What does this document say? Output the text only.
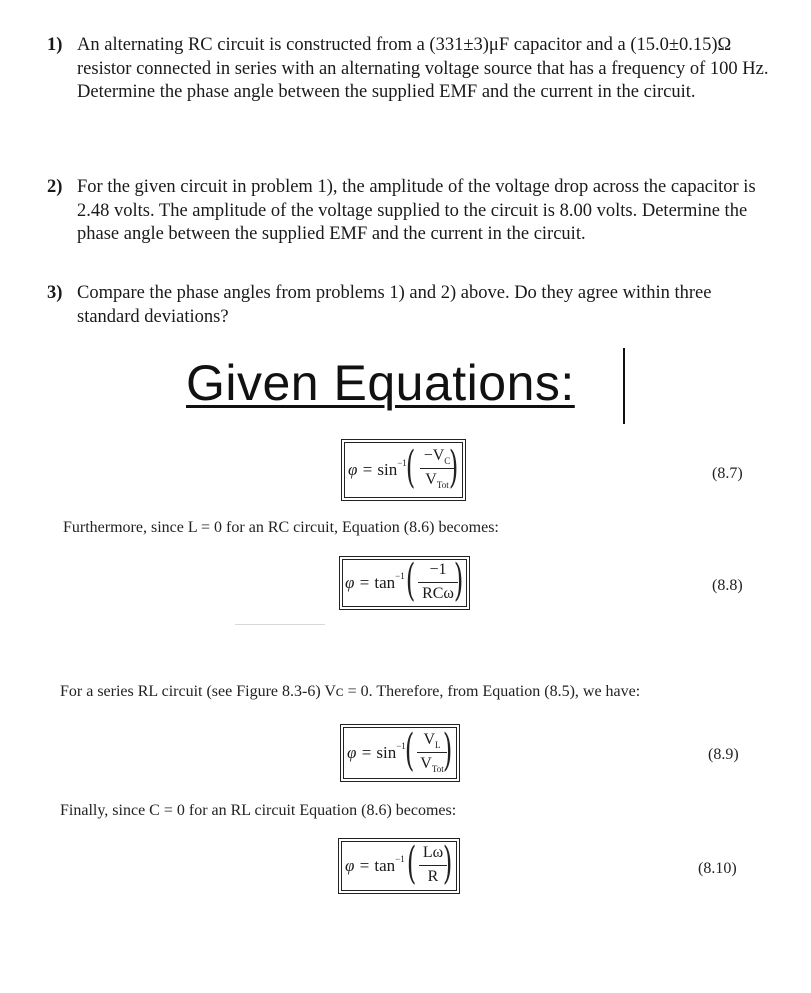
1) An alternating RC circuit is constructed from a (331±3)μF capacitor and a (15.0±0.15)Ω resistor connected in series with an alternating voltage source that has a frequency of 100 Hz. Determine the phase angle between the supplied EMF and the current in the circuit.
2) For the given circuit in problem 1), the amplitude of the voltage drop across the capacitor is 2.48 volts. The amplitude of the voltage supplied to the circuit is 8.00 volts. Determine the phase angle between the supplied EMF and the current in the circuit.
3) Compare the phase angles from problems 1) and 2) above. Do they agree within three standard deviations?
Given Equations:
$\varphi = \sin^{-1}$ ( $-V_C$
$V_{Tot}$ )	(8.7)
Furthermore, since L = 0 for an RC circuit, Equation (8.6) becomes:
$\varphi = \tan^{-1}$ ( −1
RCω )	(8.8)
For a series RL circuit (see Figure 8.3-6) Vᴄ = 0. Therefore, from Equation (8.5), we have:
$\varphi = \sin^{-1}$ ( $V_L$
$V_{Tot}$ )	(8.9)
Finally, since C = 0 for an RL circuit Equation (8.6) becomes:
$\varphi = \tan^{-1}$ ( Lω
R )	(8.10)
